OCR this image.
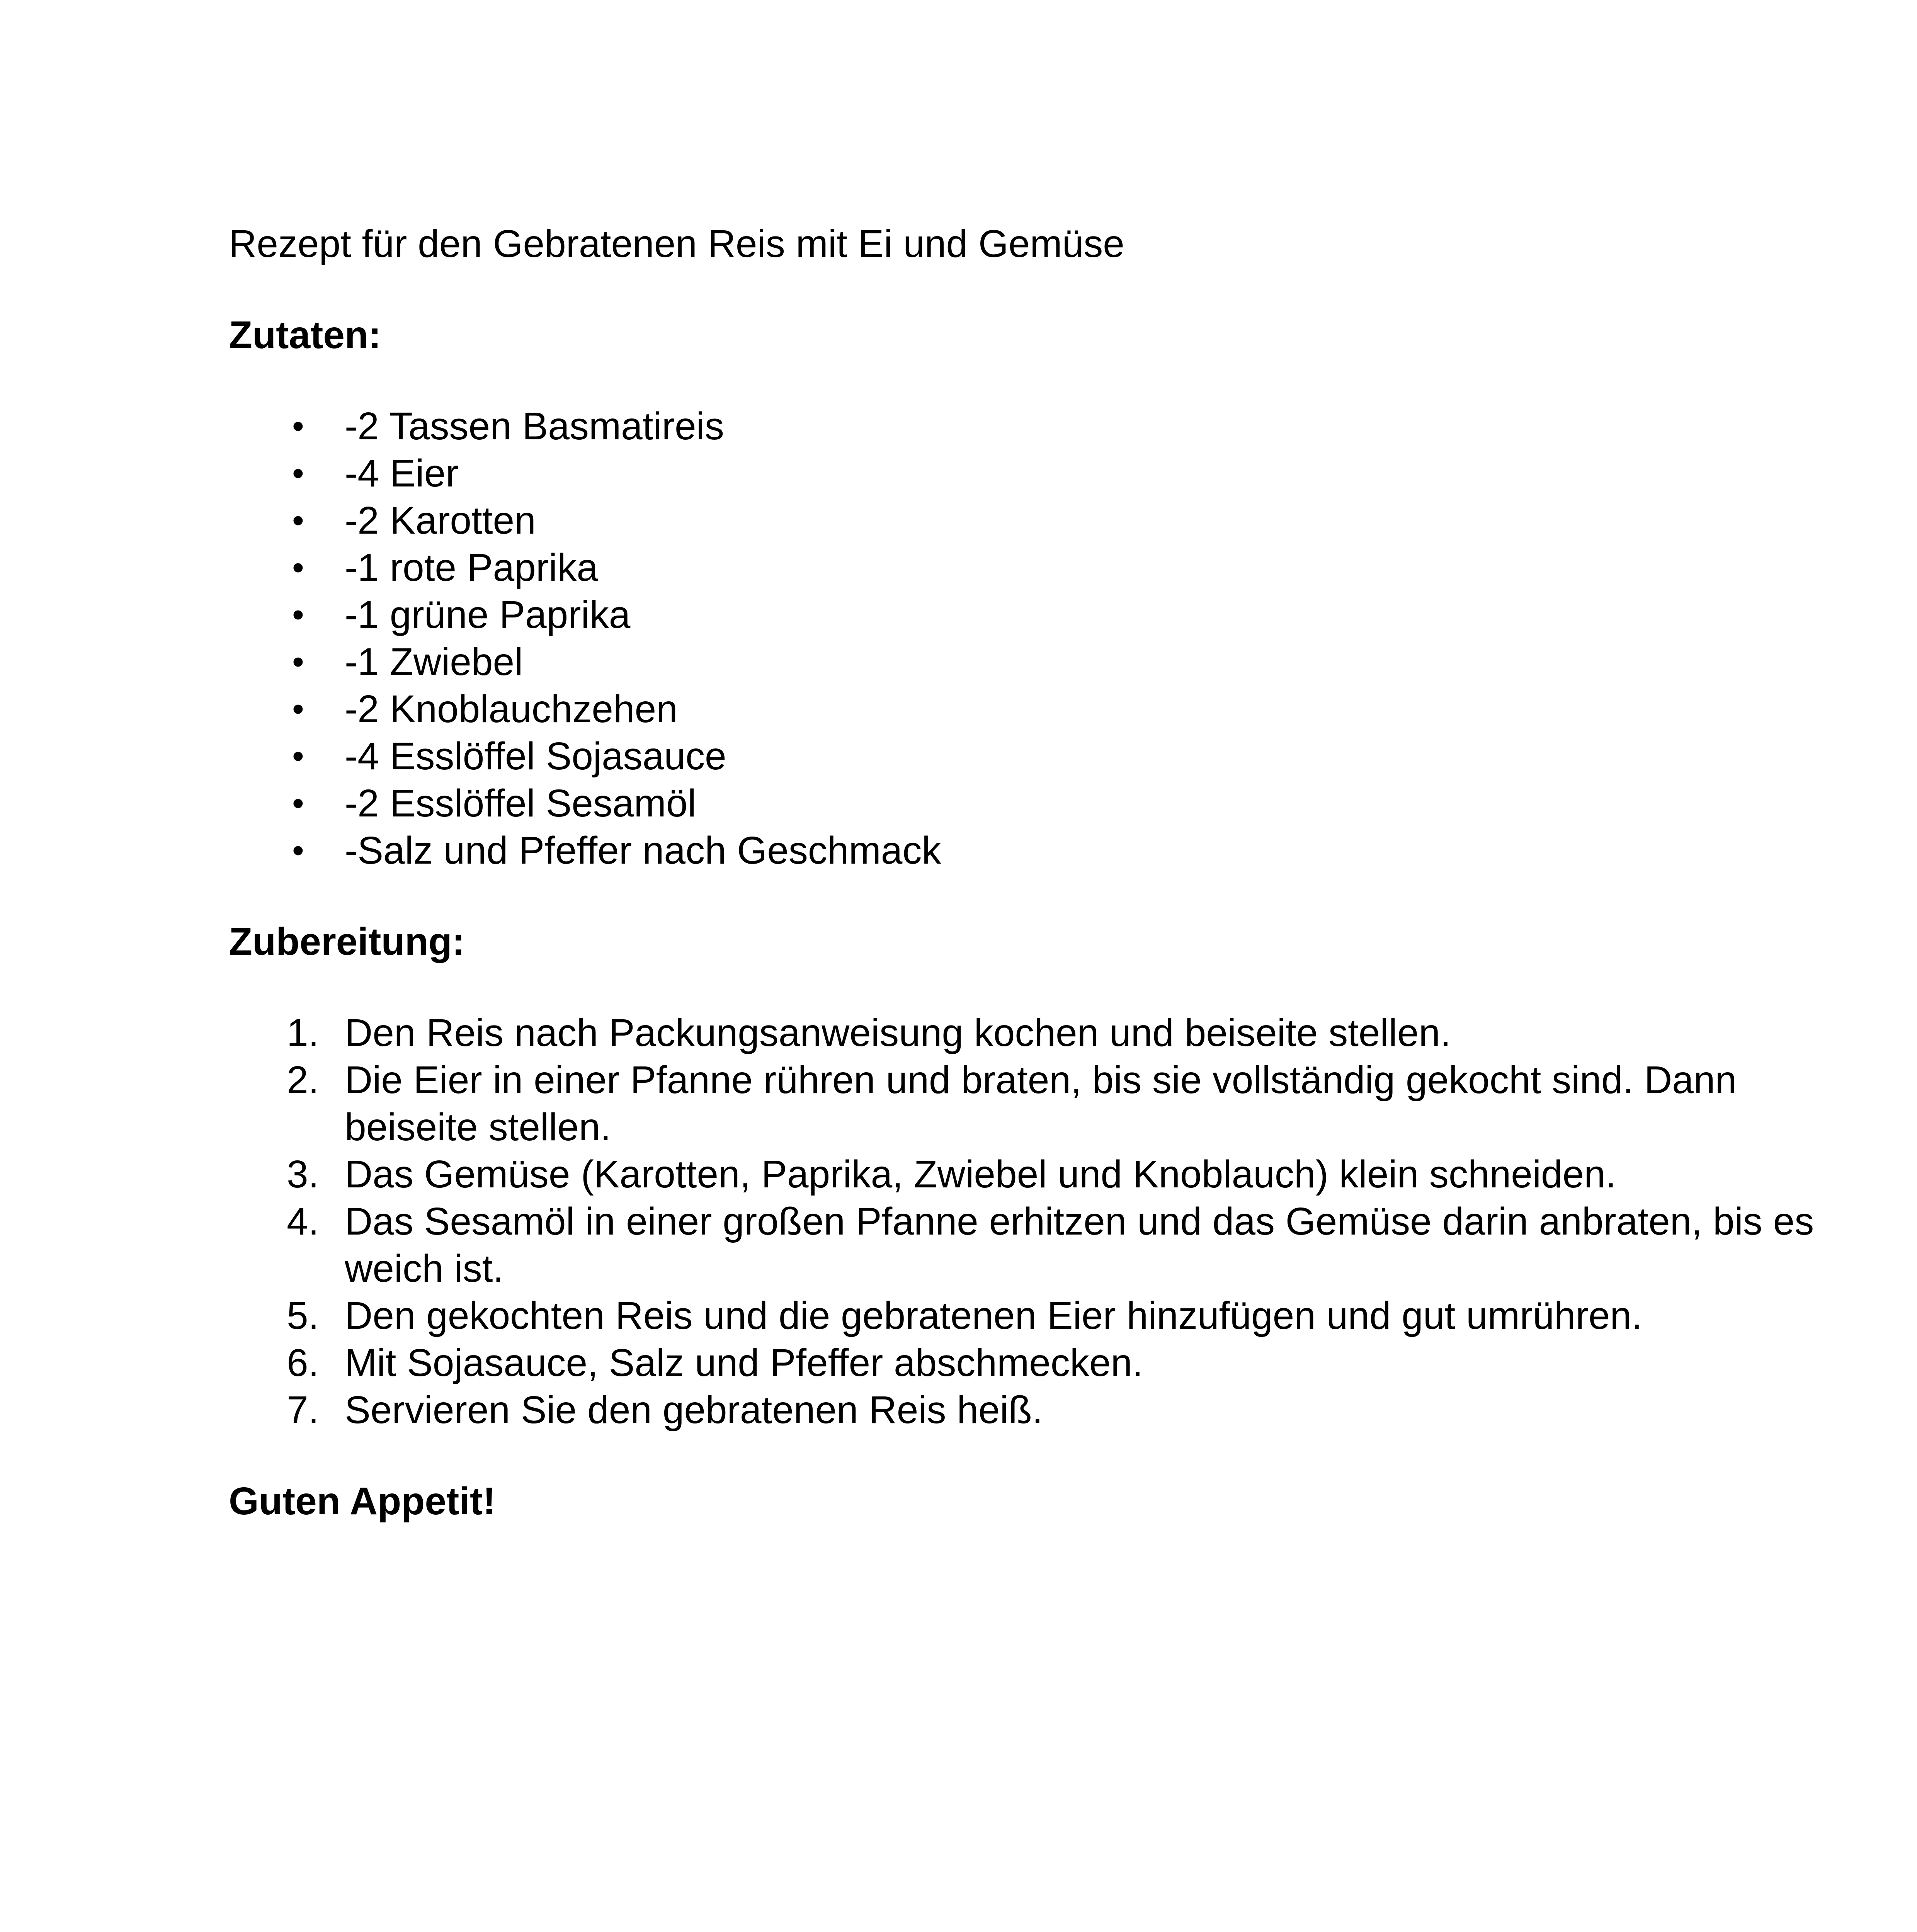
Rezept für den Gebratenen Reis mit Ei und Gemüse

Zutaten:

•	-2 Tassen Basmatireis
•	-4 Eier
•	-2 Karotten
•	-1 rote Paprika
•	-1 grüne Paprika
•	-1 Zwiebel
•	-2 Knoblauchzehen
•	-4 Esslöffel Sojasauce
•	-2 Esslöffel Sesamöl
•	-Salz und Pfeffer nach Geschmack

Zubereitung:

1. Den Reis nach Packungsanweisung kochen und beiseite stellen.
2. Die Eier in einer Pfanne rühren und braten, bis sie vollständig gekocht sind. Dann beiseite stellen.
3. Das Gemüse (Karotten, Paprika, Zwiebel und Knoblauch) klein schneiden.
4. Das Sesamöl in einer großen Pfanne erhitzen und das Gemüse darin anbraten, bis es weich ist.
5. Den gekochten Reis und die gebratenen Eier hinzufügen und gut umrühren.
6. Mit Sojasauce, Salz und Pfeffer abschmecken.
7. Servieren Sie den gebratenen Reis heiß.

Guten Appetit!
